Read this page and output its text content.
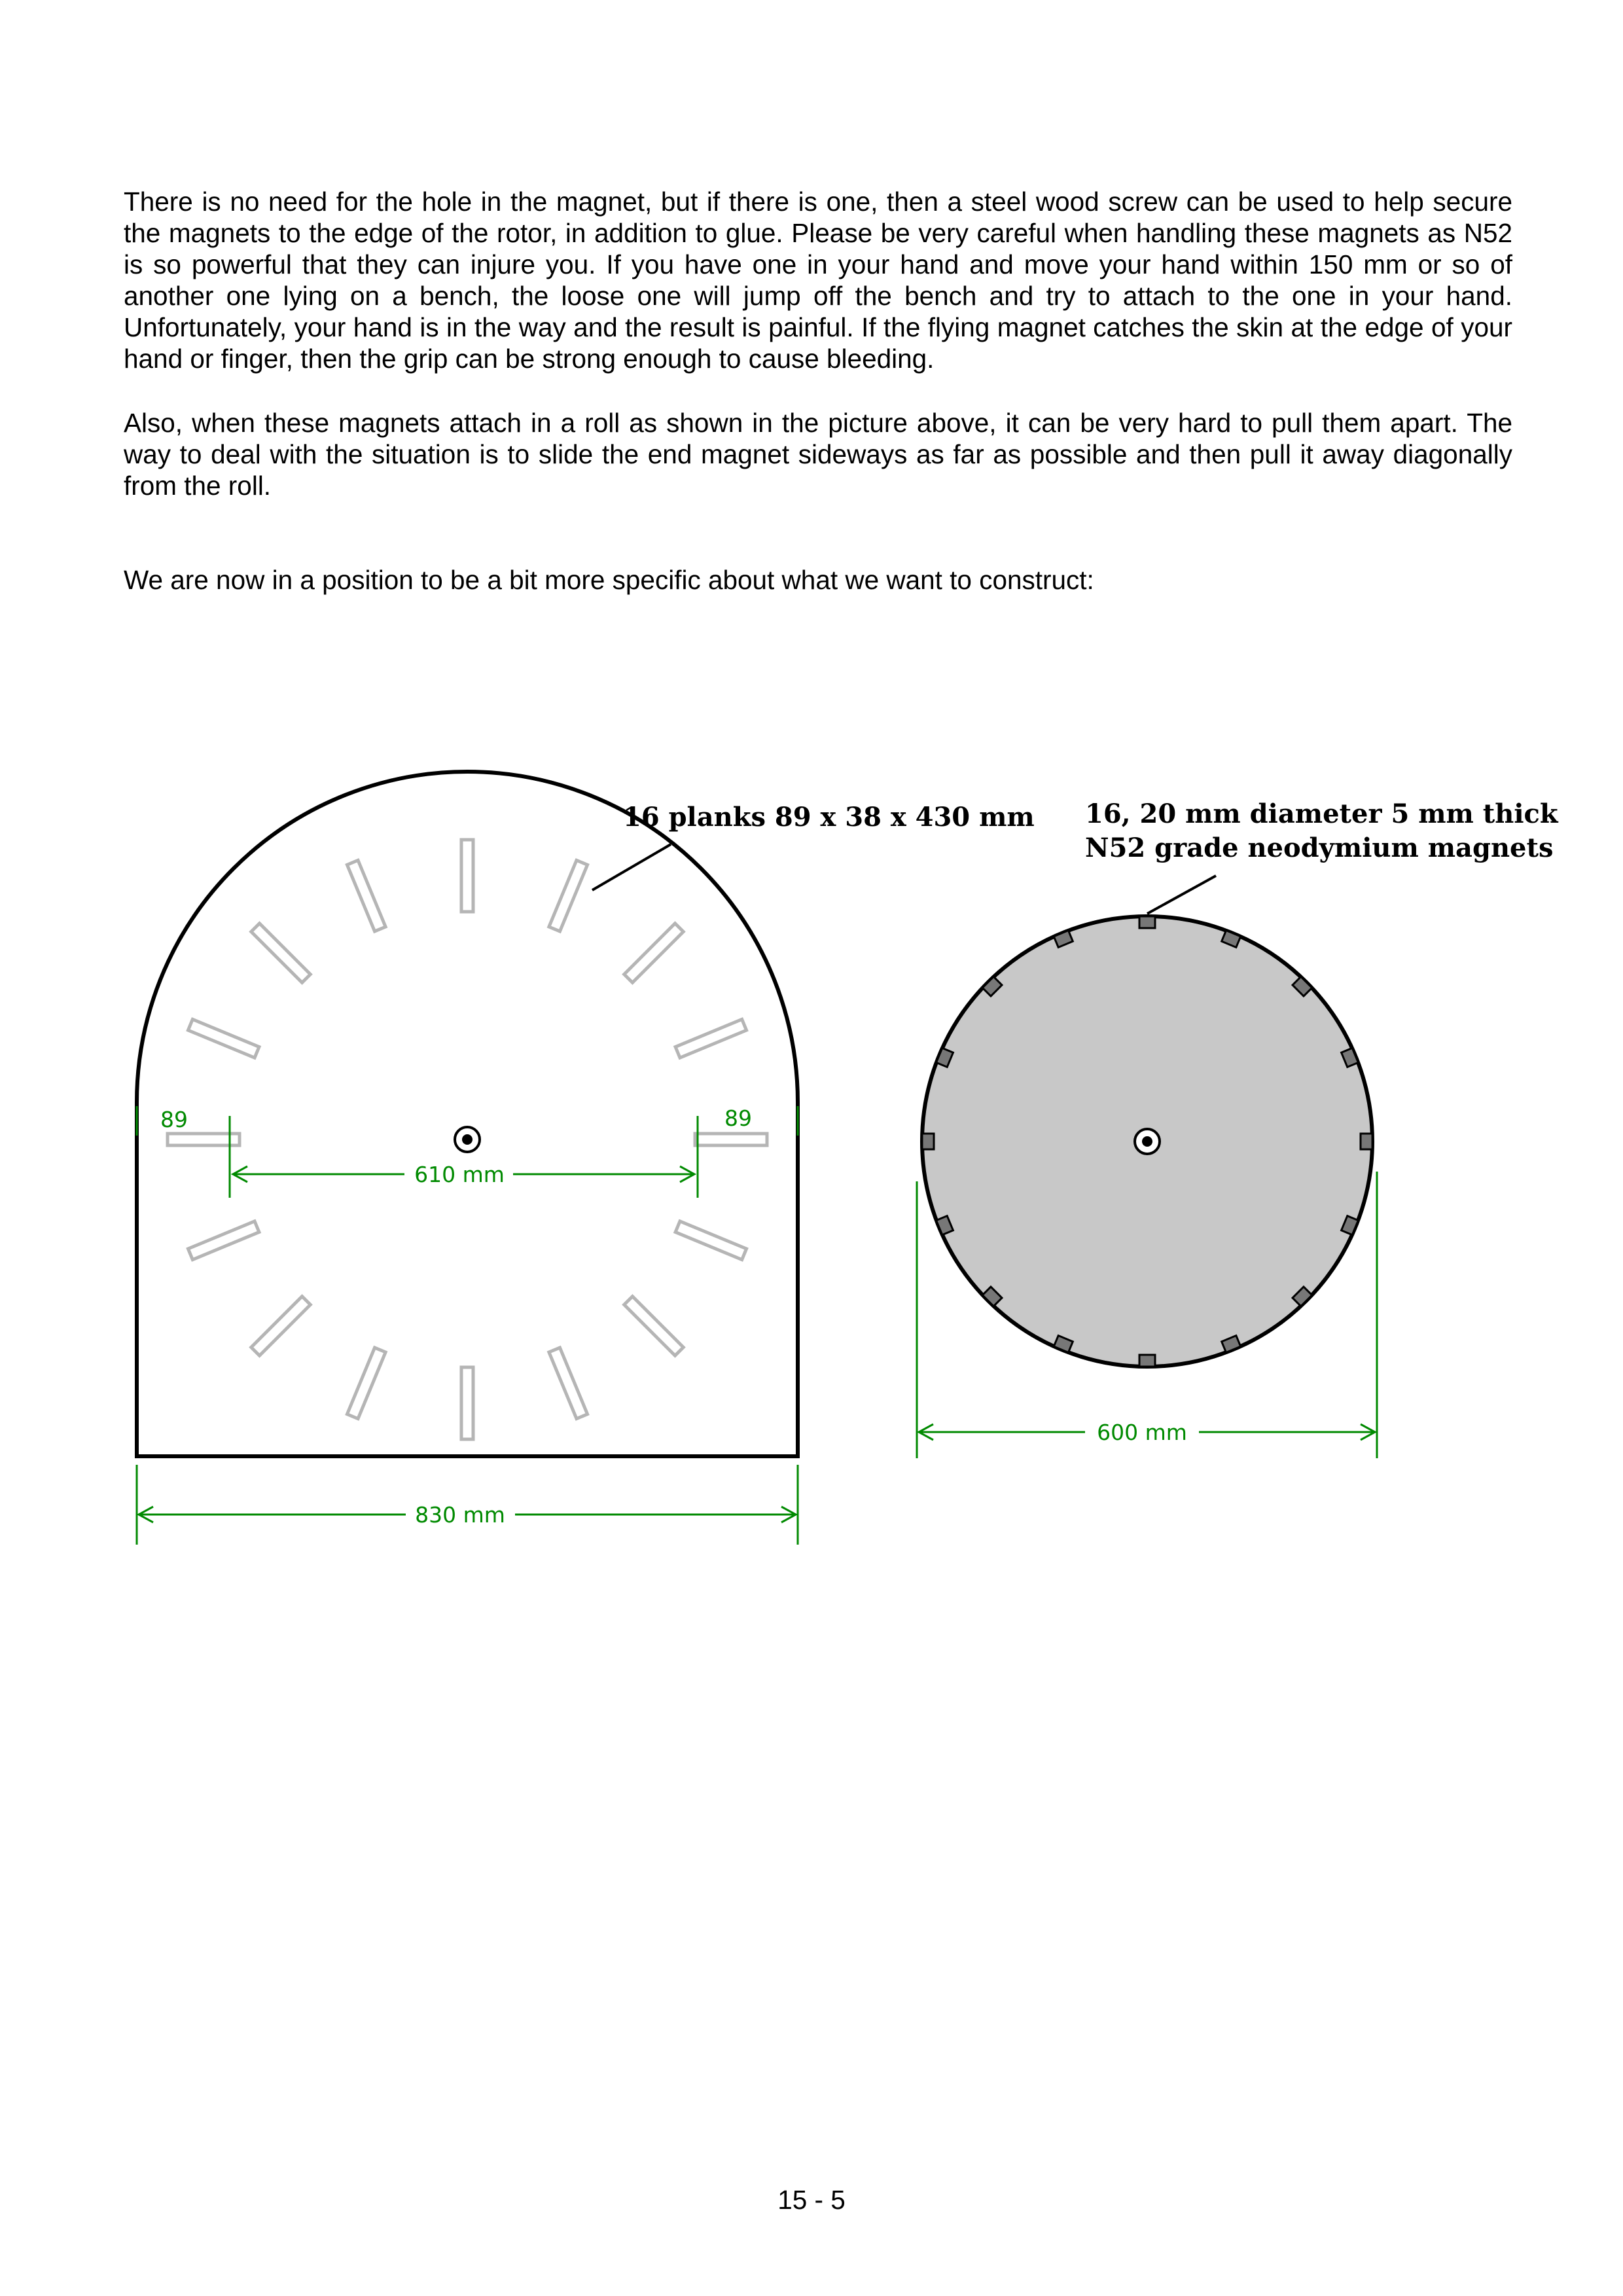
There is no need for the hole in the magnet, but if there is one, then a steel wood screw can be used to help secure the magnets to the edge of the rotor, in addition to glue. Please be very careful when handling these magnets as N52 is so powerful that they can injure you. If you have one in your hand and move your hand within 150 mm or so of another one lying on a bench, the loose one will jump off the bench and try to attach to the one in your hand. Unfortunately, your hand is in the way and the result is painful. If the flying magnet catches the skin at the edge of your hand or finger, then the grip can be strong enough to cause bleeding.

Also, when these magnets attach in a roll as shown in the picture above, it can be very hard to pull them apart. The way to deal with the situation is to slide the end magnet sideways as far as possible and then pull it away diagonally from the roll.

We are now in a position to be a bit more specific about what we want to construct:

16 planks 89 x 38 x 430 mm
89	89
610 mm
830 mm
16, 20 mm diameter 5 mm thick
N52 grade neodymium magnets
600 mm
15 - 5
